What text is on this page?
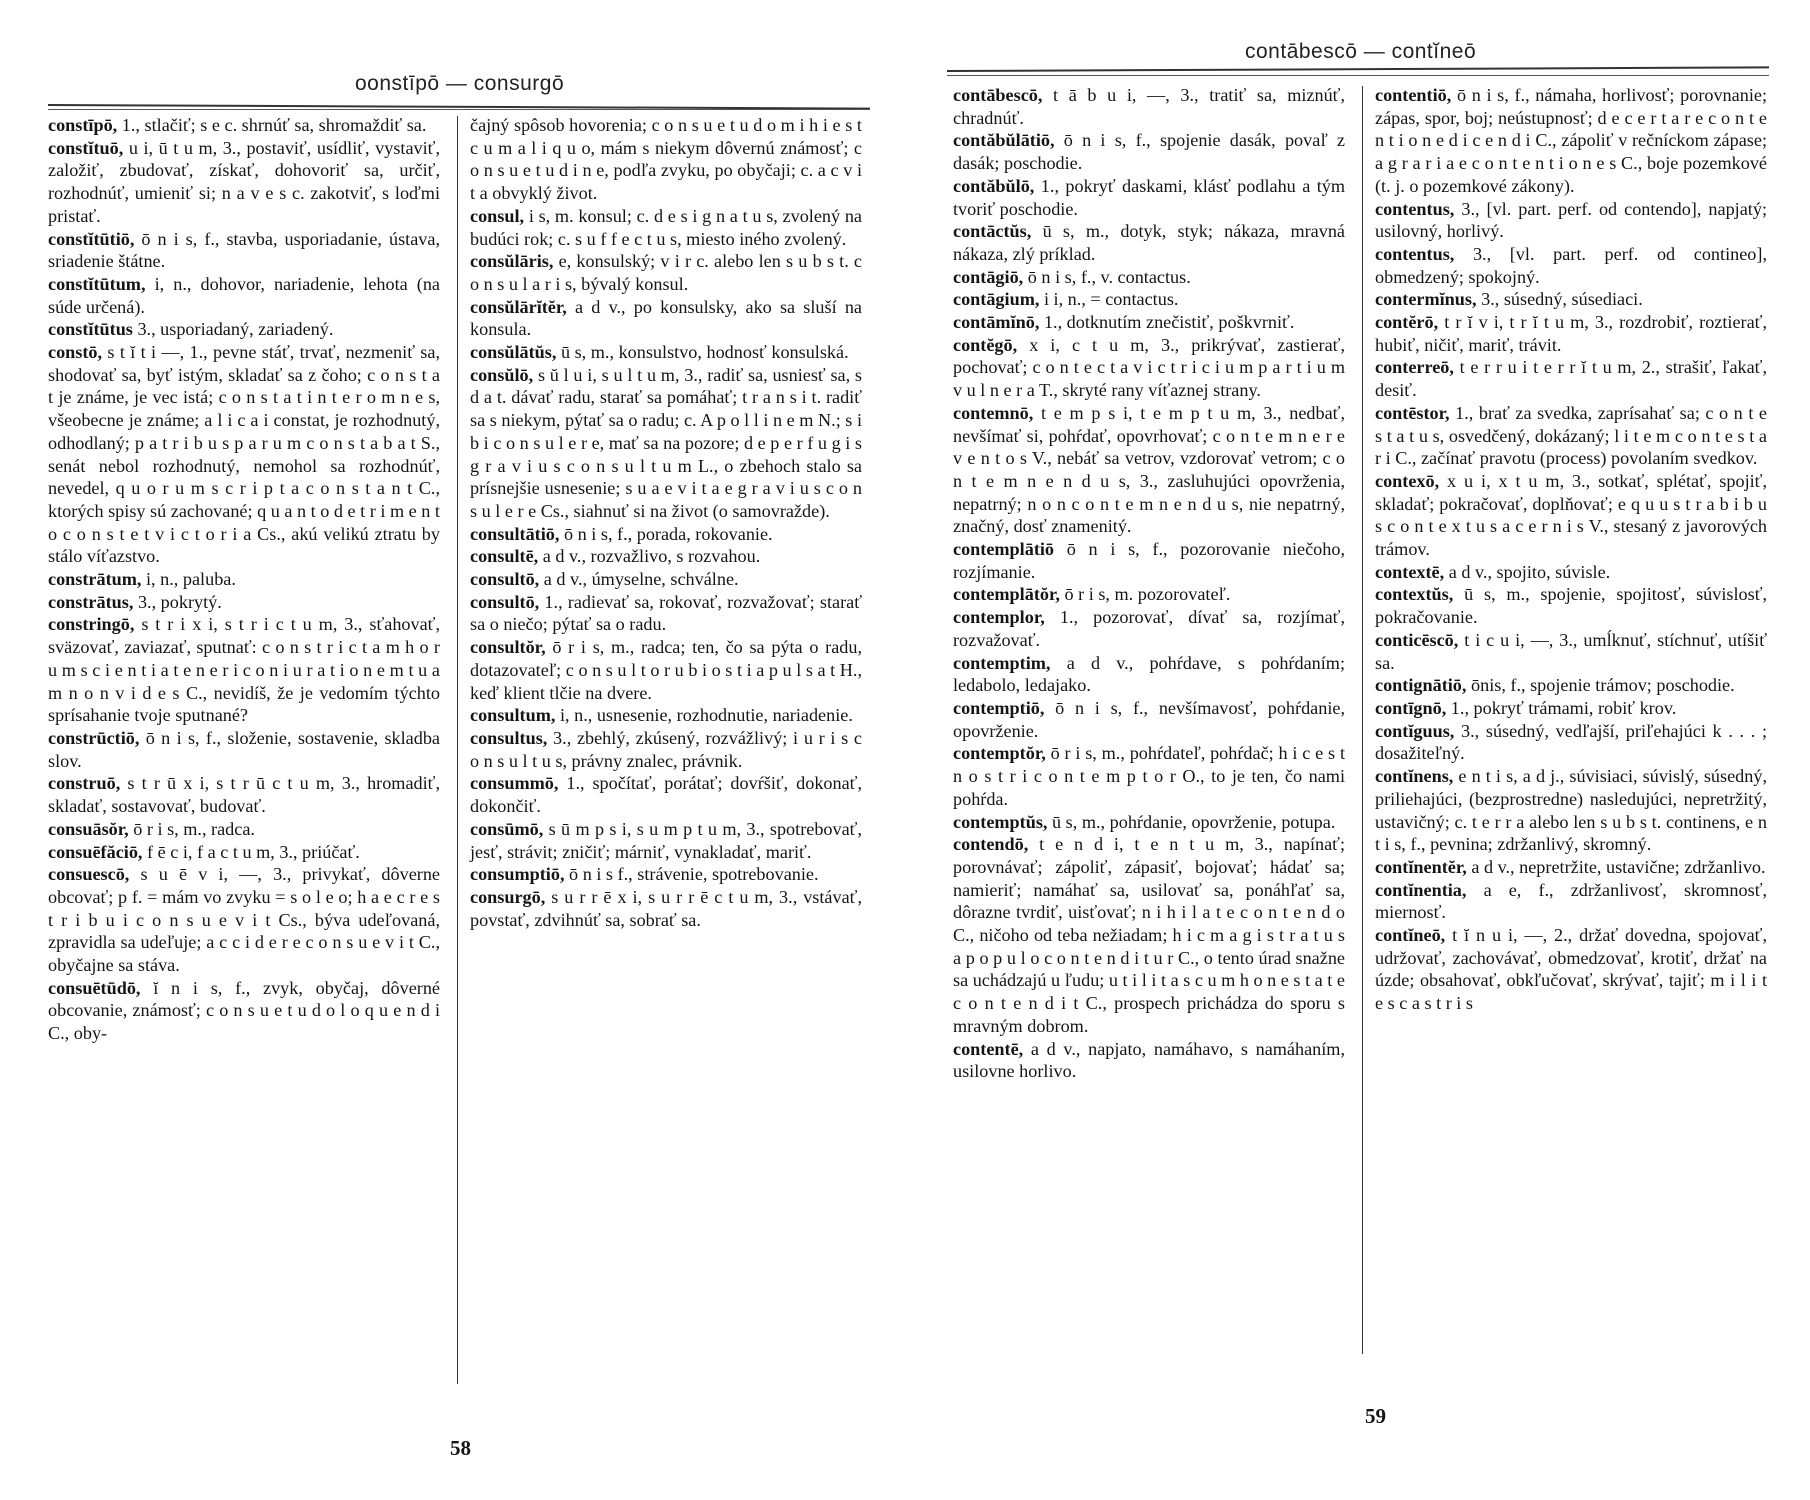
oonstīpō — consurgō

constīpō, 1., stlačiť; s e c. shrnúť sa, shromaždiť sa.

constĭtuō, u i, ū t u m, 3., postaviť, usídliť, vystaviť, založiť, zbudovať, získať, dohovoriť sa, určiť, rozhodnúť, umieniť si; n a v e s c. zakotviť, s loďmi pristať.

constĭtūtiō, ō n i s, f., stavba, usporiadanie, ústava, sriadenie štátne.

constĭtūtum, i, n., dohovor, nariadenie, lehota (na súde určená).

constĭtūtus 3., usporiadaný, zariadený.

constō, s t ĭ t i —, 1., pevne stáť, trvať, nezmeniť sa, shodovať sa, byť istým, skladať sa z čoho; c o n s t a t je známe, je vec istá; c o n s t a t i n t e r o m n e s, všeobecne je známe; a l i c a i constat, je rozhodnutý, odhodlaný; p a t r i b u s p a r u m c o n s t a b a t S., senát nebol rozhodnutý, nemohol sa rozhodnúť, nevedel, q u o r u m s c r i p t a c o n s t a n t C., ktorých spisy sú zachované; q u a n t o d e t r i m e n t o c o n s t e t v i c t o r i a Cs., akú velikú ztratu by stálo víťazstvo.

constrātum, i, n., paluba.

constrātus, 3., pokrytý.

constringō, s t r i x i, s t r i c t u m, 3., sťahovať, sväzovať, zaviazať, sputnať: c o n s t r i c t a m h o r u m s c i e n t i a t e n e r i c o n i u r a t i o n e m t u a m n o n v i d e s C., nevidíš, že je vedomím týchto sprísahanie tvoje sputnané?

constrūctiō, ō n i s, f., složenie, sostavenie, skladba slov.

construō, s t r ū x i, s t r ū c t u m, 3., hromadiť, skladať, sostavovať, budovať.

consuāsŏr, ō r i s, m., radca.

consuēfăciō, f ē c i, f a c t u m, 3., priúčať.

consuescō, s u ē v i, —, 3., privykať, dôverne obcovať; p f. = mám vo zvyku = s o l e o; h a e c r e s t r i b u i c o n s u e v i t Cs., býva udeľovaná, zpravidla sa udeľuje; a c c i d e r e c o n s u e v i t C., obyčajne sa stáva.

consuētūdō, ĭ n i s, f., zvyk, obyčaj, dôverné obcovanie, známosť; c o n s u e t u d o l o q u e n d i C., oby-

čajný spôsob hovorenia; c o n s u e t u d o m i h i e s t c u m a l i q u o, mám s niekym dôvernú známosť; c o n s u e t u d i n e, podľa zvyku, po obyčaji; c. a c v i t a obvyklý život.

consul, i s, m. konsul; c. d e s i g n a t u s, zvolený na budúci rok; c. s u f f e c t u s, miesto iného zvolený.

consŭlāris, e, konsulský; v i r c. alebo len s u b s t. c o n s u l a r i s, bývalý konsul.

consŭlārĭtĕr, a d v., po konsulsky, ako sa sluší na konsula.

consŭlātŭs, ū s, m., konsulstvo, hodnosť konsulská.

consŭlō, s ŭ l u i, s u l t u m, 3., radiť sa, usniesť sa, s d a t. dávať radu, starať sa pomáhať; t r a n s i t. radiť sa s niekym, pýtať sa o radu; c. A p o l l i n e m N.; s i b i c o n s u l e r e, mať sa na pozore; d e p e r f u g i s g r a v i u s c o n s u l t u m L., o zbehoch stalo sa prísnejšie usnesenie; s u a e v i t a e g r a v i u s c o n s u l e r e Cs., siahnuť si na život (o samovražde).

consultātiō, ō n i s, f., porada, rokovanie.

consultē, a d v., rozvažlivo, s rozvahou.

consultō, a d v., úmyselne, schválne.

consultō, 1., radievať sa, rokovať, rozvažovať; starať sa o niečo; pýtať sa o radu.

consultŏr, ō r i s, m., radca; ten, čo sa pýta o radu, dotazovateľ; c o n s u l t o r u b i o s t i a p u l s a t H., keď klient tlčie na dvere.

consultum, i, n., usnesenie, rozhodnutie, nariadenie.

consultus, 3., zbehlý, zkúsený, rozvážlivý; i u r i s c o n s u l t u s, právny znalec, právnik.

consummō, 1., spočítať, porátať; dovŕšiť, dokonať, dokončiť.

consūmō, s ū m p s i, s u m p t u m, 3., spotrebovať, jesť, strávit; zničiť; márniť, vynakladať, mariť.

consumptiō, ō n i s f., strávenie, spotrebovanie.

consurgō, s u r r ē x i, s u r r ē c t u m, 3., vstávať, povstať, zdvihnúť sa, sobrať sa.

58
contābescō — contĭneō

contābescō, t ā b u i, —, 3., tratiť sa, miznúť, chradnúť.

contăbŭlātiō, ō n i s, f., spojenie dasák, povaľ z dasák; poschodie.

contăbŭlō, 1., pokryť daskami, klásť podlahu a tým tvoriť poschodie.

contāctŭs, ū s, m., dotyk, styk; nákaza, mravná nákaza, zlý príklad.

contāgiō, ō n i s, f., v. contactus.

contāgium, i i, n., = contactus.

contāmĭnō, 1., dotknutím znečistiť, poškvrniť.

contĕgō, x i, c t u m, 3., prikrývať, zastierať, pochovať; c o n t e c t a v i c t r i c i u m p a r t i u m v u l n e r a T., skryté rany víťaznej strany.

contemnō, t e m p s i, t e m p t u m, 3., nedbať, nevšímať si, pohŕdať, opovrhovať; c o n t e m n e r e v e n t o s V., nebáť sa vetrov, vzdorovať vetrom; c o n t e m n e n d u s, 3., zasluhujúci opovrženia, nepatrný; n o n c o n t e m n e n d u s, nie nepatrný, značný, dosť znamenitý.

contemplātiō ō n i s, f., pozorovanie niečoho, rozjímanie.

contemplātŏr, ō r i s, m. pozorovateľ.

contemplor, 1., pozorovať, dívať sa, rozjímať, rozvažovať.

contemptim, a d v., pohŕdave, s pohŕdaním; ledabolo, ledajako.

contemptiō, ō n i s, f., nevšímavosť, pohŕdanie, opovrženie.

contemptŏr, ō r i s, m., pohŕdateľ, pohŕdač; h i c e s t n o s t r i c o n t e m p t o r O., to je ten, čo nami pohŕda.

contemptŭs, ū s, m., pohŕdanie, opovrženie, potupa.

contendō, t e n d i, t e n t u m, 3., napínať; porovnávať; zápoliť, zápasiť, bojovať; hádať sa; namieriť; namáhať sa, usilovať sa, ponáhľať sa, dôrazne tvrdiť, uisťovať; n i h i l a t e c o n t e n d o C., ničoho od teba nežiadam; h i c m a g i s t r a t u s a p o p u l o c o n t e n d i t u r C., o tento úrad snažne sa uchádzajú u ľudu; u t i l i t a s c u m h o n e s t a t e c o n t e n d i t C., prospech prichádza do sporu s mravným dobrom.

contentē, a d v., napjato, namáhavo, s namáhaním, usilovne horlivo.

contentiō, ō n i s, f., námaha, horlivosť; porovnanie; zápas, spor, boj; neústupnosť; d e c e r t a r e c o n t e n t i o n e d i c e n d i C., zápoliť v rečníckom zápase; a g r a r i a e c o n t e n t i o n e s C., boje pozemkové (t. j. o pozemkové zákony).

contentus, 3., [vl. part. perf. od contendo], napjatý; usilovný, horlivý.

contentus, 3., [vl. part. perf. od contineo], obmedzený; spokojný.

contermĭnus, 3., súsedný, súsediaci.

contĕrō, t r ĭ v i, t r ĭ t u m, 3., rozdrobiť, roztierať, hubiť, ničiť, mariť, trávit.

conterreō, t e r r u i t e r r ĭ t u m, 2., strašiť, ľakať, desiť.

contēstor, 1., brať za svedka, zaprísahať sa; c o n t e s t a t u s, osvedčený, dokázaný; l i t e m c o n t e s t a r i C., začínať pravotu (process) povolaním svedkov.

contexō, x u i, x t u m, 3., sotkať, splétať, spojiť, skladať; pokračovať, doplňovať; e q u u s t r a b i b u s c o n t e x t u s a c e r n i s V., stesaný z javorových trámov.

contextē, a d v., spojito, súvisle.

contextŭs, ū s, m., spojenie, spojitosť, súvislosť, pokračovanie.

conticēscō, t i c u i, —, 3., umĺknuť, stíchnuť, utíšiť sa.

contignātiō, ōnis, f., spojenie trámov; poschodie.

contīgnō, 1., pokryť trámami, robiť krov.

contĭguus, 3., súsedný, vedľajší, priľehajúci k . . . ; dosažiteľný.

contĭnens, e n t i s, a d j., súvisiaci, súvislý, súsedný, priliehajúci, (bezprostredne) nasledujúci, nepretržitý, ustavičný; c. t e r r a alebo len s u b s t. continens, e n t i s, f., pevnina; zdržanlivý, skromný.

contĭnentĕr, a d v., nepretržite, ustavične; zdržanlivo.

contĭnentia, a e, f., zdržanlivosť, skromnosť, miernosť.

contĭneō, t ĭ n u i, —, 2., držať dovedna, spojovať, udržovať, zachovávať, obmedzovať, krotiť, držať na úzde; obsahovať, obkľučovať, skrývať, tajiť; m i l i t e s c a s t r i s

59
